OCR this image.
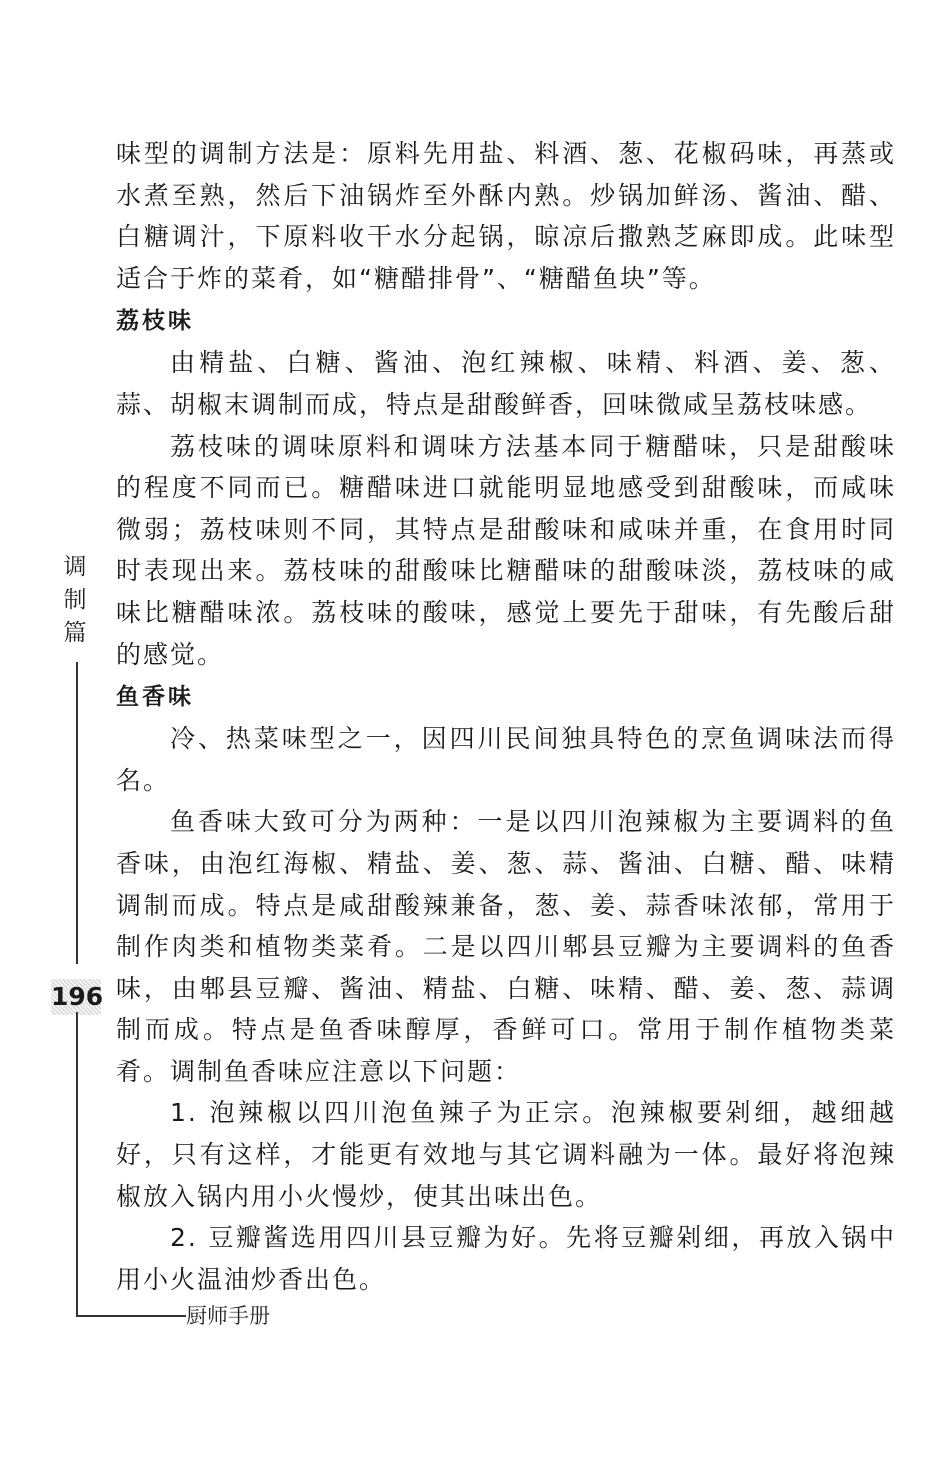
调制篇
196
厨师手册

味型的调制方法是：原料先用盐、料酒、葱、花椒码味，再蒸或水煮至熟，然后下油锅炸至外酥内熟。炒锅加鲜汤、酱油、醋、白糖调汁，下原料收干水分起锅，晾凉后撒熟芝麻即成。此味型适合于炸的菜肴，如“糖醋排骨”、“糖醋鱼块”等。

荔枝味

由精盐、白糖、酱油、泡红辣椒、味精、料酒、姜、葱、蒜、胡椒末调制而成，特点是甜酸鲜香，回味微咸呈荔枝味感。

荔枝味的调味原料和调味方法基本同于糖醋味，只是甜酸味的程度不同而已。糖醋味进口就能明显地感受到甜酸味，而咸味微弱；荔枝味则不同，其特点是甜酸味和咸味并重，在食用时同时表现出来。荔枝味的甜酸味比糖醋味的甜酸味淡，荔枝味的咸味比糖醋味浓。荔枝味的酸味，感觉上要先于甜味，有先酸后甜的感觉。

鱼香味

冷、热菜味型之一，因四川民间独具特色的烹鱼调味法而得名。

鱼香味大致可分为两种：一是以四川泡辣椒为主要调料的鱼香味，由泡红海椒、精盐、姜、葱、蒜、酱油、白糖、醋、味精调制而成。特点是咸甜酸辣兼备，葱、姜、蒜香味浓郁，常用于制作肉类和植物类菜肴。二是以四川郫县豆瓣为主要调料的鱼香味，由郫县豆瓣、酱油、精盐、白糖、味精、醋、姜、葱、蒜调制而成。特点是鱼香味醇厚，香鲜可口。常用于制作植物类菜肴。调制鱼香味应注意以下问题：

1. 泡辣椒以四川泡鱼辣子为正宗。泡辣椒要剁细，越细越好，只有这样，才能更有效地与其它调料融为一体。最好将泡辣椒放入锅内用小火慢炒，使其出味出色。

2. 豆瓣酱选用四川县豆瓣为好。先将豆瓣剁细，再放入锅中用小火温油炒香出色。
